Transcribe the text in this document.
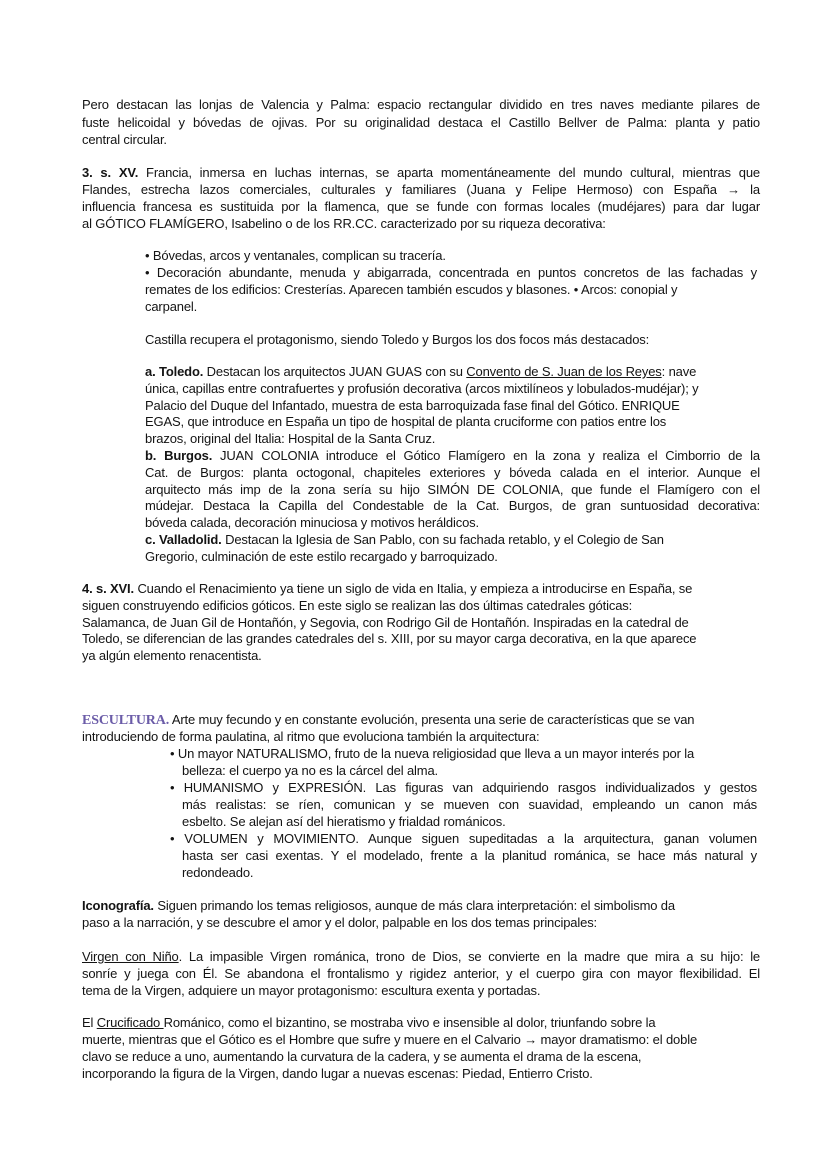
Pero destacan las lonjas de Valencia y Palma: espacio rectangular dividido en tres naves mediante pilares de
fuste helicoidal y bóvedas de ojivas. Por su originalidad destaca el Castillo Bellver de Palma: planta y patio
central circular.
3. s. XV. Francia, inmersa en luchas internas, se aparta momentáneamente del mundo cultural, mientras que
Flandes, estrecha lazos comerciales, culturales y familiares (Juana y Felipe Hermoso) con España → la
influencia francesa es sustituida por la flamenca, que se funde con formas locales (mudéjares) para dar lugar
al GÓTICO FLAMÍGERO, Isabelino o de los RR.CC. caracterizado por su riqueza decorativa:
• Bóvedas, arcos y ventanales, complican su tracería.
• Decoración abundante, menuda y abigarrada, concentrada en puntos concretos de las fachadas y
remates de los edificios: Cresterías. Aparecen también escudos y blasones. • Arcos: conopial y
carpanel.
Castilla recupera el protagonismo, siendo Toledo y Burgos los dos focos más destacados:
a. Toledo. Destacan los arquitectos JUAN GUAS con su Convento de S. Juan de los Reyes: nave
única, capillas entre contrafuertes y profusión decorativa (arcos mixtilíneos y lobulados-mudéjar); y
Palacio del Duque del Infantado, muestra de esta barroquizada fase final del Gótico. ENRIQUE
EGAS, que introduce en España un tipo de hospital de planta cruciforme con patios entre los
brazos, original del Italia: Hospital de la Santa Cruz.
b. Burgos. JUAN COLONIA introduce el Gótico Flamígero en la zona y realiza el Cimborrio de la
Cat. de Burgos: planta octogonal, chapiteles exteriores y bóveda calada en el interior. Aunque el
arquitecto más imp de la zona sería su hijo SIMÓN DE COLONIA, que funde el Flamígero con el
múdejar. Destaca la Capilla del Condestable de la Cat. Burgos, de gran suntuosidad decorativa:
bóveda calada, decoración minuciosa y motivos heráldicos.
c. Valladolid. Destacan la Iglesia de San Pablo, con su fachada retablo, y el Colegio de San
Gregorio, culminación de este estilo recargado y barroquizado.
4. s. XVI. Cuando el Renacimiento ya tiene un siglo de vida en Italia, y empieza a introducirse en España, se
siguen construyendo edificios góticos. En este siglo se realizan las dos últimas catedrales góticas:
Salamanca, de Juan Gil de Hontañón, y Segovia, con Rodrigo Gil de Hontañón. Inspiradas en la catedral de
Toledo, se diferencian de las grandes catedrales del s. XIII, por su mayor carga decorativa, en la que aparece
ya algún elemento renacentista.
ESCULTURA. Arte muy fecundo y en constante evolución, presenta una serie de características que se van
introduciendo de forma paulatina, al ritmo que evoluciona también la arquitectura:
• Un mayor NATURALISMO, fruto de la nueva religiosidad que lleva a un mayor interés por la
belleza: el cuerpo ya no es la cárcel del alma.
• HUMANISMO y EXPRESIÓN. Las figuras van adquiriendo rasgos individualizados y gestos
más realistas: se ríen, comunican y se mueven con suavidad, empleando un canon más
esbelto. Se alejan así del hieratismo y frialdad románicos.
• VOLUMEN y MOVIMIENTO. Aunque siguen supeditadas a la arquitectura, ganan volumen
hasta ser casi exentas. Y el modelado, frente a la planitud románica, se hace más natural y
redondeado.
Iconografía. Siguen primando los temas religiosos, aunque de más clara interpretación: el simbolismo da
paso a la narración, y se descubre el amor y el dolor, palpable en los dos temas principales:
Virgen con Niño. La impasible Virgen románica, trono de Dios, se convierte en la madre que mira a su hijo: le
sonríe y juega con Él. Se abandona el frontalismo y rigidez anterior, y el cuerpo gira con mayor flexibilidad. El
tema de la Virgen, adquiere un mayor protagonismo: escultura exenta y portadas.
El Crucificado Románico, como el bizantino, se mostraba vivo e insensible al dolor, triunfando sobre la
muerte, mientras que el Gótico es el Hombre que sufre y muere en el Calvario → mayor dramatismo: el doble
clavo se reduce a uno, aumentando la curvatura de la cadera, y se aumenta el drama de la escena,
incorporando la figura de la Virgen, dando lugar a nuevas escenas: Piedad, Entierro Cristo.
